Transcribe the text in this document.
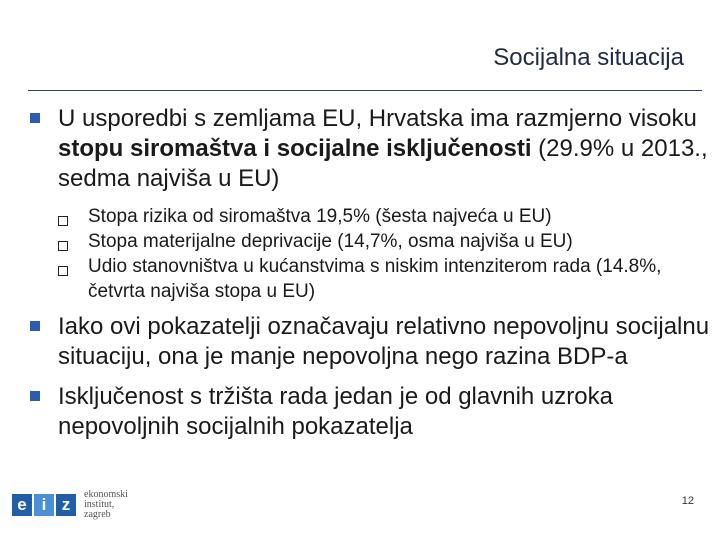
Socijalna situacija
U usporedbi s zemljama EU, Hrvatska ima razmjerno visoku stopu siromaštva i socijalne isključenosti (29.9% u 2013., sedma najviša u EU)
Stopa rizika od siromaštva 19,5% (šesta najveća u EU)
Stopa materijalne deprivacije (14,7%, osma najviša u EU)
Udio stanovništva u kućanstvima s niskim intenziterom rada (14.8%, četvrta najviša stopa u EU)
Iako ovi pokazatelji označavaju relativno nepovoljnu socijalnu situaciju, ona je manje nepovoljna nego razina BDP-a
Isključenost s tržišta rada jedan je od glavnih uzroka nepovoljnih socijalnih pokazatelja
e i z
ekonomski
institut,
zagreb
12
